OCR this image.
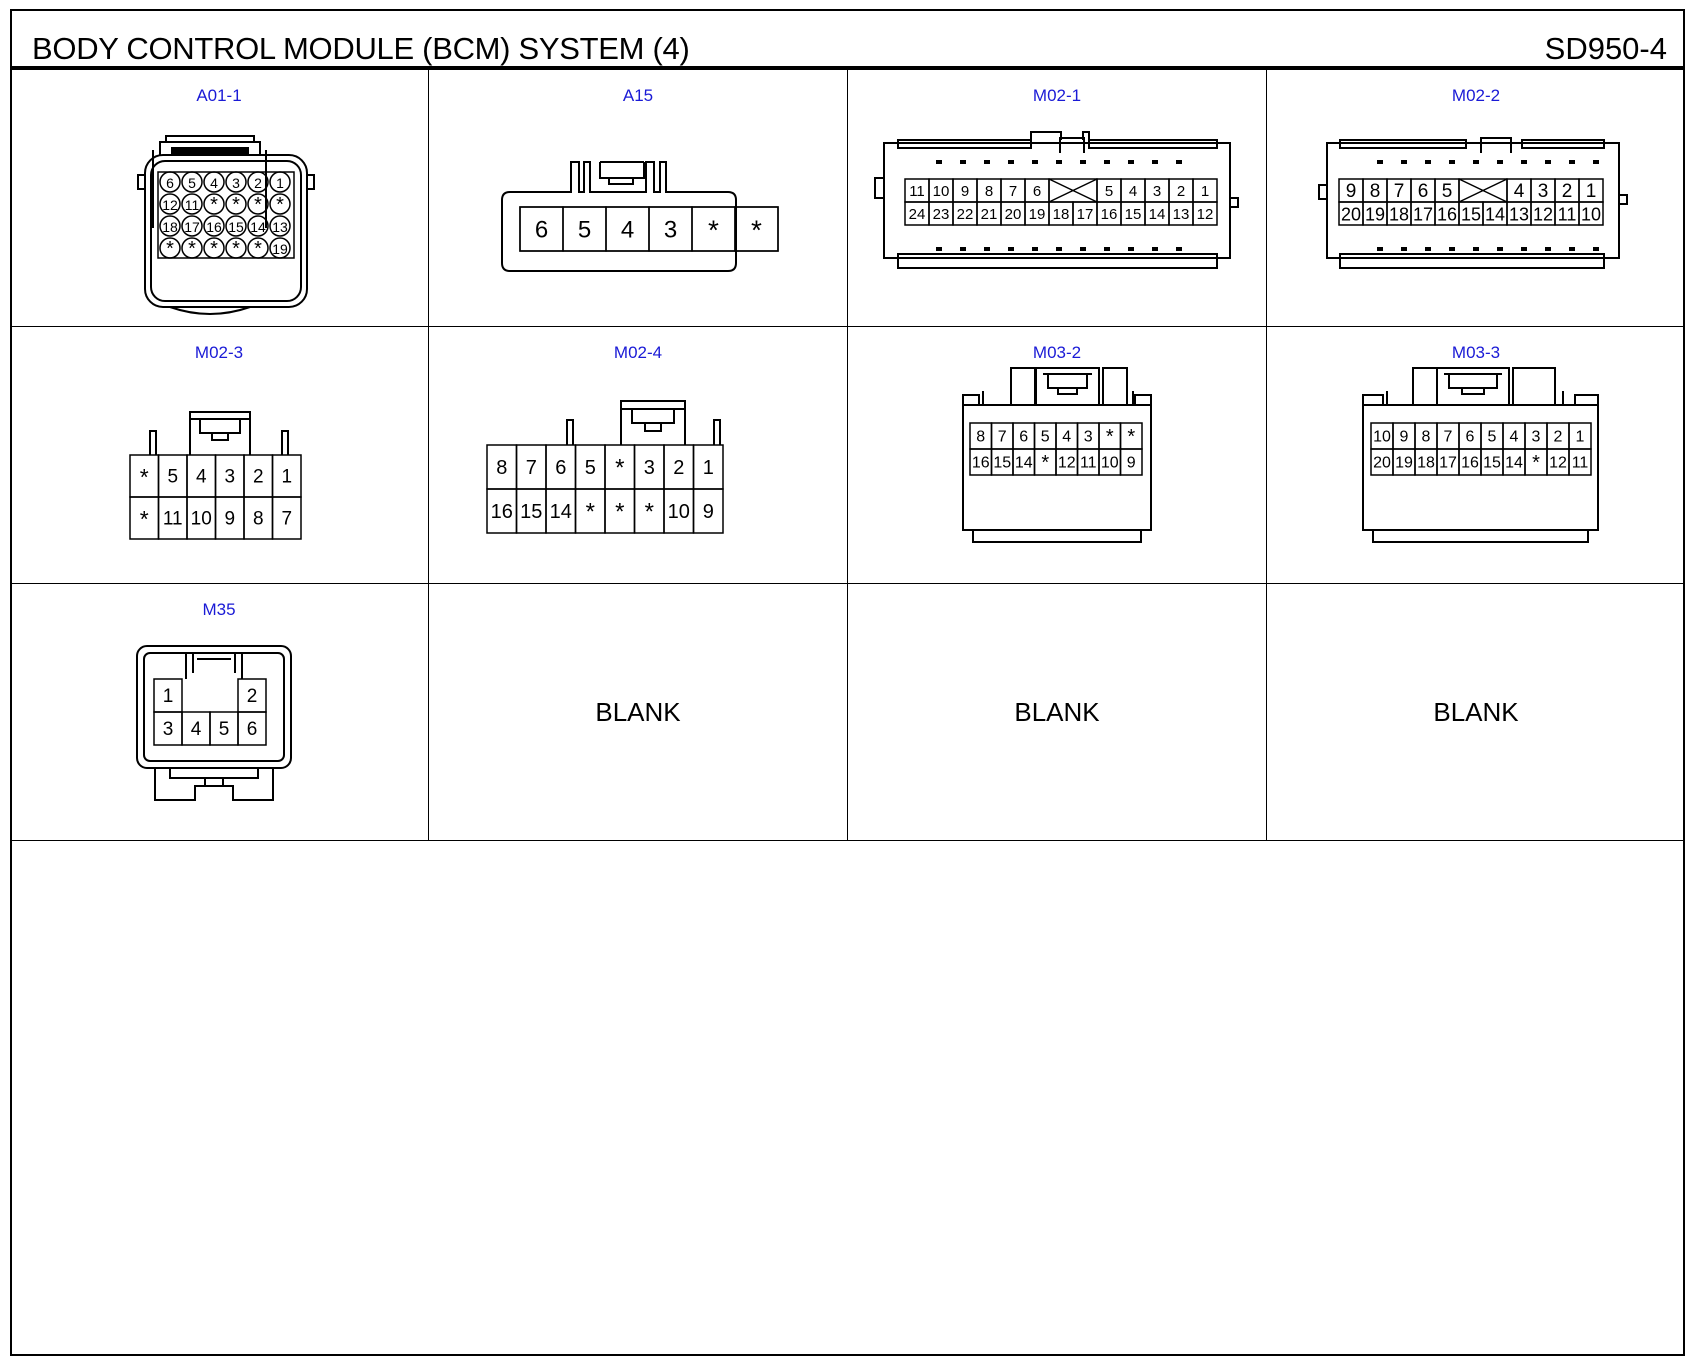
BODY CONTROL MODULE (BCM) SYSTEM (4)	SD950-4
A01-1
6 5 4 3 2 1
12 11 * * * *
18 17 16 15 14 13
* * * * * 19
A15
6 5 4 3 * *
M02-1
11 10 9 8 7 6	5 4 3 2 1
24 23 22 21 20 19 18 17 16 15 14 13 12
M02-2
9 8 7 6 5	4 3 2 1
20 19 18 17 16 15 14 13 12 11 10
M02-3
* 5 4 3 2 1
* 11 10 9 8 7
M02-4
8 7 6 5 * 3 2 1
16 15 14 * * * 10 9
M03-2
8 7 6 5 4 3 * *
16 15 14 * 12 11 10 9
M03-3
10 9 8 7 6 5 4 3 2 1
20 19 18 17 16 15 14 * 12 11
M35
1	2
3 4 5 6
BLANK	BLANK	BLANK
